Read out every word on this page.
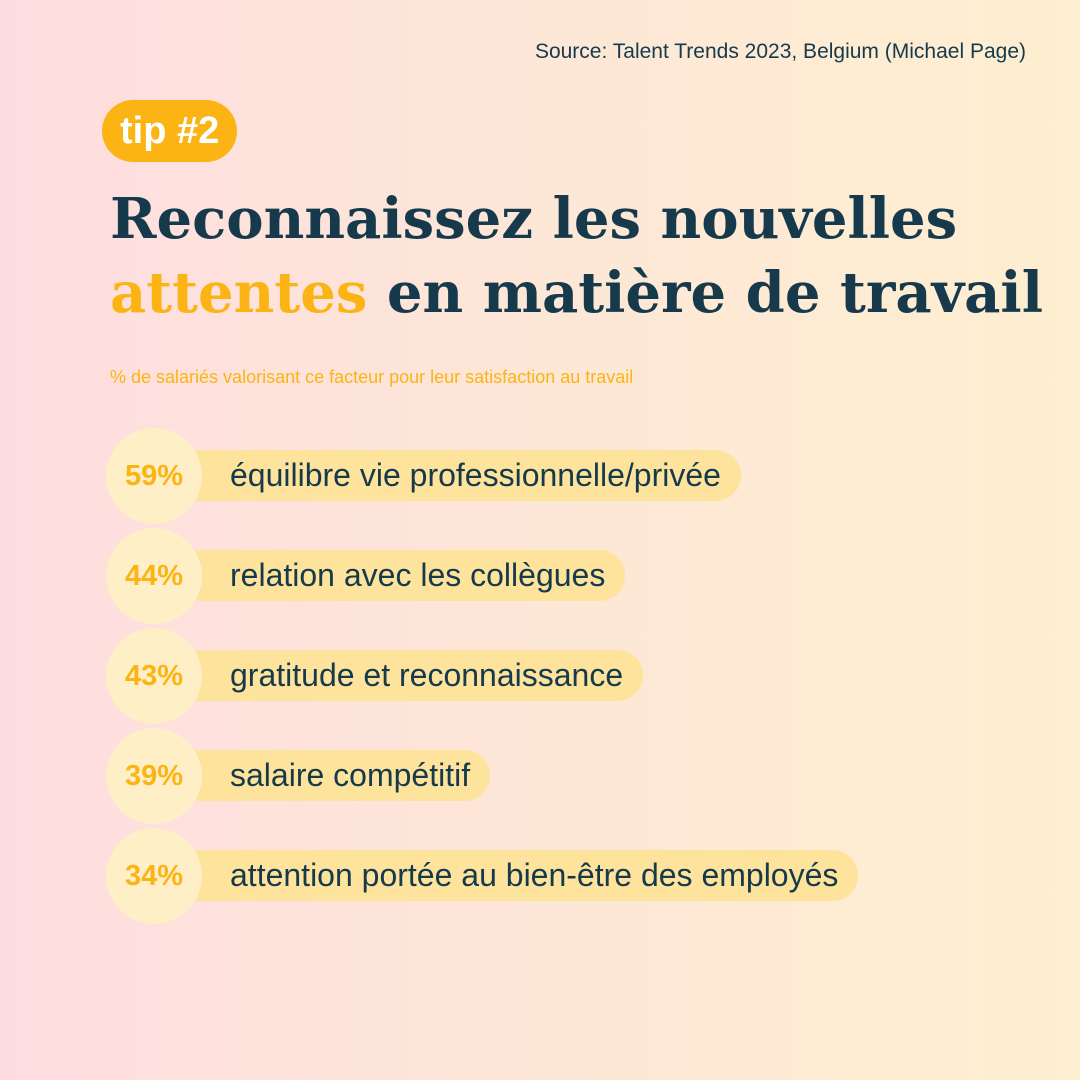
Source: Talent Trends 2023, Belgium (Michael Page)
tip #2
Reconnaissez les nouvelles
attentes en matière de travail
% de salariés valorisant ce facteur pour leur satisfaction au travail
équilibre vie professionnelle/privée
59%
relation avec les collègues
44%
gratitude et reconnaissance
43%
salaire compétitif
39%
attention portée au bien-être des employés
34%
